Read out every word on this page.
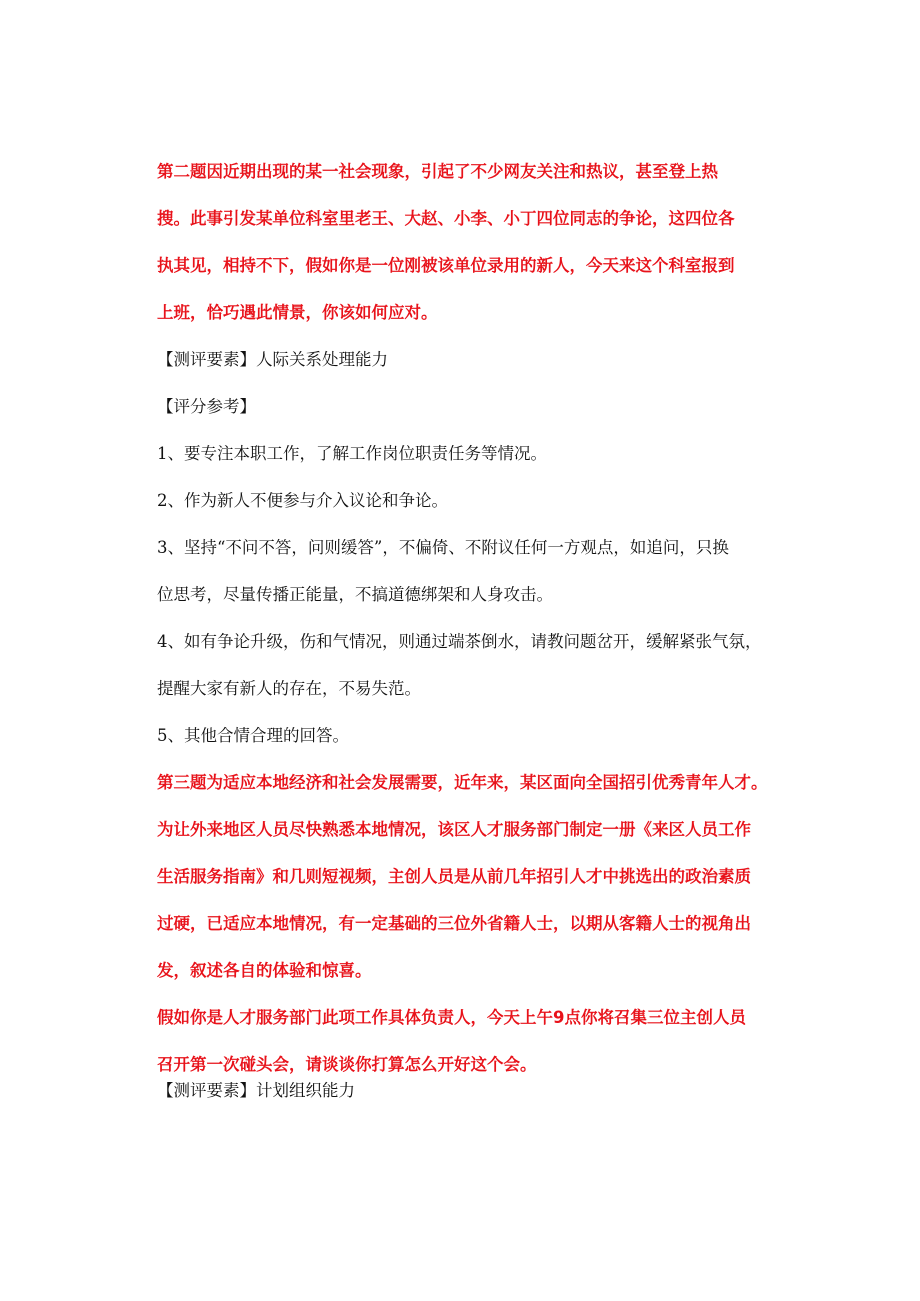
第二题因近期出现的某一社会现象，引起了不少网友关注和热议，甚至登上热
搜。此事引发某单位科室里老王、大赵、小李、小丁四位同志的争论，这四位各
执其见，相持不下，假如你是一位刚被该单位录用的新人，今天来这个科室报到
上班，恰巧遇此情景，你该如何应对。
【测评要素】人际关系处理能力
【评分参考】
1、要专注本职工作，了解工作岗位职责任务等情况。
2、作为新人不便参与介入议论和争论。
3、坚持“不问不答，问则缓答”，不偏倚、不附议任何一方观点，如追问，只换
位思考，尽量传播正能量，不搞道德绑架和人身攻击。
4、如有争论升级，伤和气情况，则通过端茶倒水，请教问题岔开，缓解紧张气氛，
提醒大家有新人的存在，不易失范。
5、其他合情合理的回答。
第三题为适应本地经济和社会发展需要，近年来，某区面向全国招引优秀青年人才。
为让外来地区人员尽快熟悉本地情况，该区人才服务部门制定一册《来区人员工作
生活服务指南》和几则短视频，主创人员是从前几年招引人才中挑选出的政治素质
过硬，已适应本地情况，有一定基础的三位外省籍人士，以期从客籍人士的视角出
发，叙述各自的体验和惊喜。
假如你是人才服务部门此项工作具体负责人，今天上午9点你将召集三位主创人员
召开第一次碰头会，请谈谈你打算怎么开好这个会。
【测评要素】计划组织能力
